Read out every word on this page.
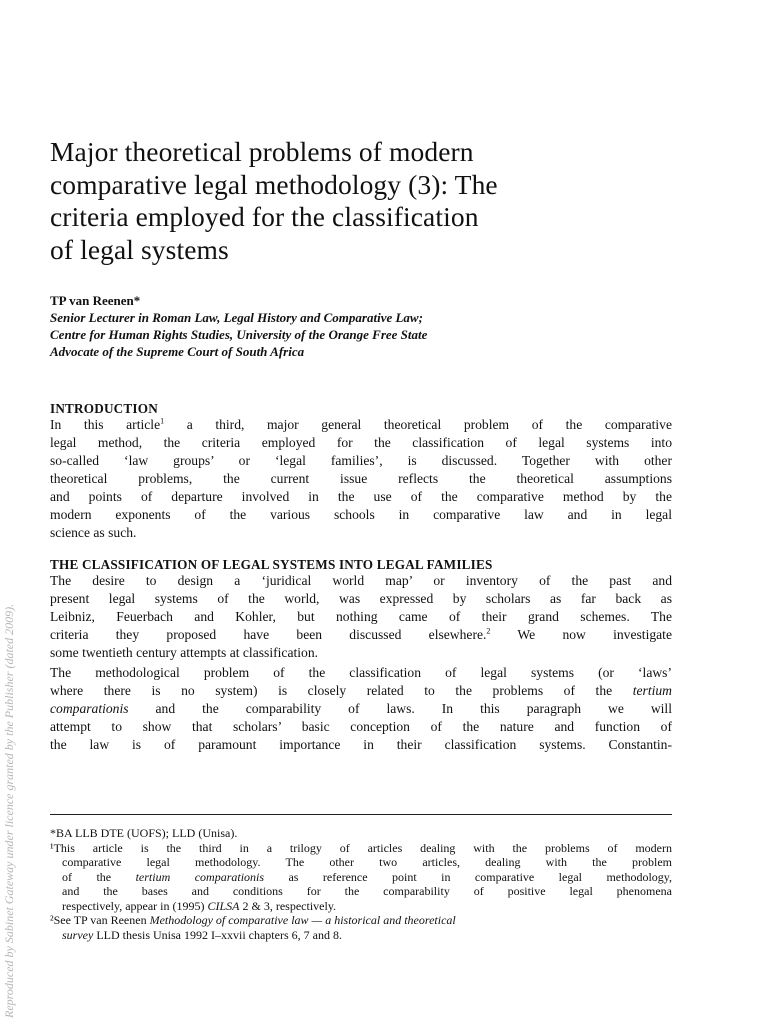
Major theoretical problems of modern
comparative legal methodology (3): The
criteria employed for the classification
of legal systems
TP van Reenen*
Senior Lecturer in Roman Law, Legal History and Comparative Law;
Centre for Human Rights Studies, University of the Orange Free State
Advocate of the Supreme Court of South Africa
INTRODUCTION
In this article$^1$ a third, major general theoretical problem of the comparative
legal method, the criteria employed for the classification of legal systems into
so-called ‘law groups’ or ‘legal families’, is discussed. Together with other
theoretical problems, the current issue reflects the theoretical assumptions
and points of departure involved in the use of the comparative method by the
modern exponents of the various schools in comparative law and in legal
science as such.
THE CLASSIFICATION OF LEGAL SYSTEMS INTO LEGAL FAMILIES
The desire to design a ‘juridical world map’ or inventory of the past and
present legal systems of the world, was expressed by scholars as far back as
Leibniz, Feuerbach and Kohler, but nothing came of their grand schemes. The
criteria they proposed have been discussed elsewhere.$^2$ We now investigate
some twentieth century attempts at classification.
The methodological problem of the classification of legal systems (or ‘laws’
where there is no system) is closely related to the problems of the tertium
comparationis and the comparability of laws. In this paragraph we will
attempt to show that scholars’ basic conception of the nature and function of
the law is of paramount importance in their classification systems. Constantin-
*BA LLB DTE (UOFS); LLD (Unisa).
¹This article is the third in a trilogy of articles dealing with the problems of modern
comparative legal methodology. The other two articles, dealing with the problem
of the tertium comparationis as reference point in comparative legal methodology,
and the bases and conditions for the comparability of positive legal phenomena
respectively, appear in (1995) CILSA 2 & 3, respectively.
²See TP van Reenen Methodology of comparative law — a historical and theoretical
survey LLD thesis Unisa 1992 I–xxvii chapters 6, 7 and 8.
Reproduced by Sabinet Gateway under licence granted by the Publisher (dated 2009).
